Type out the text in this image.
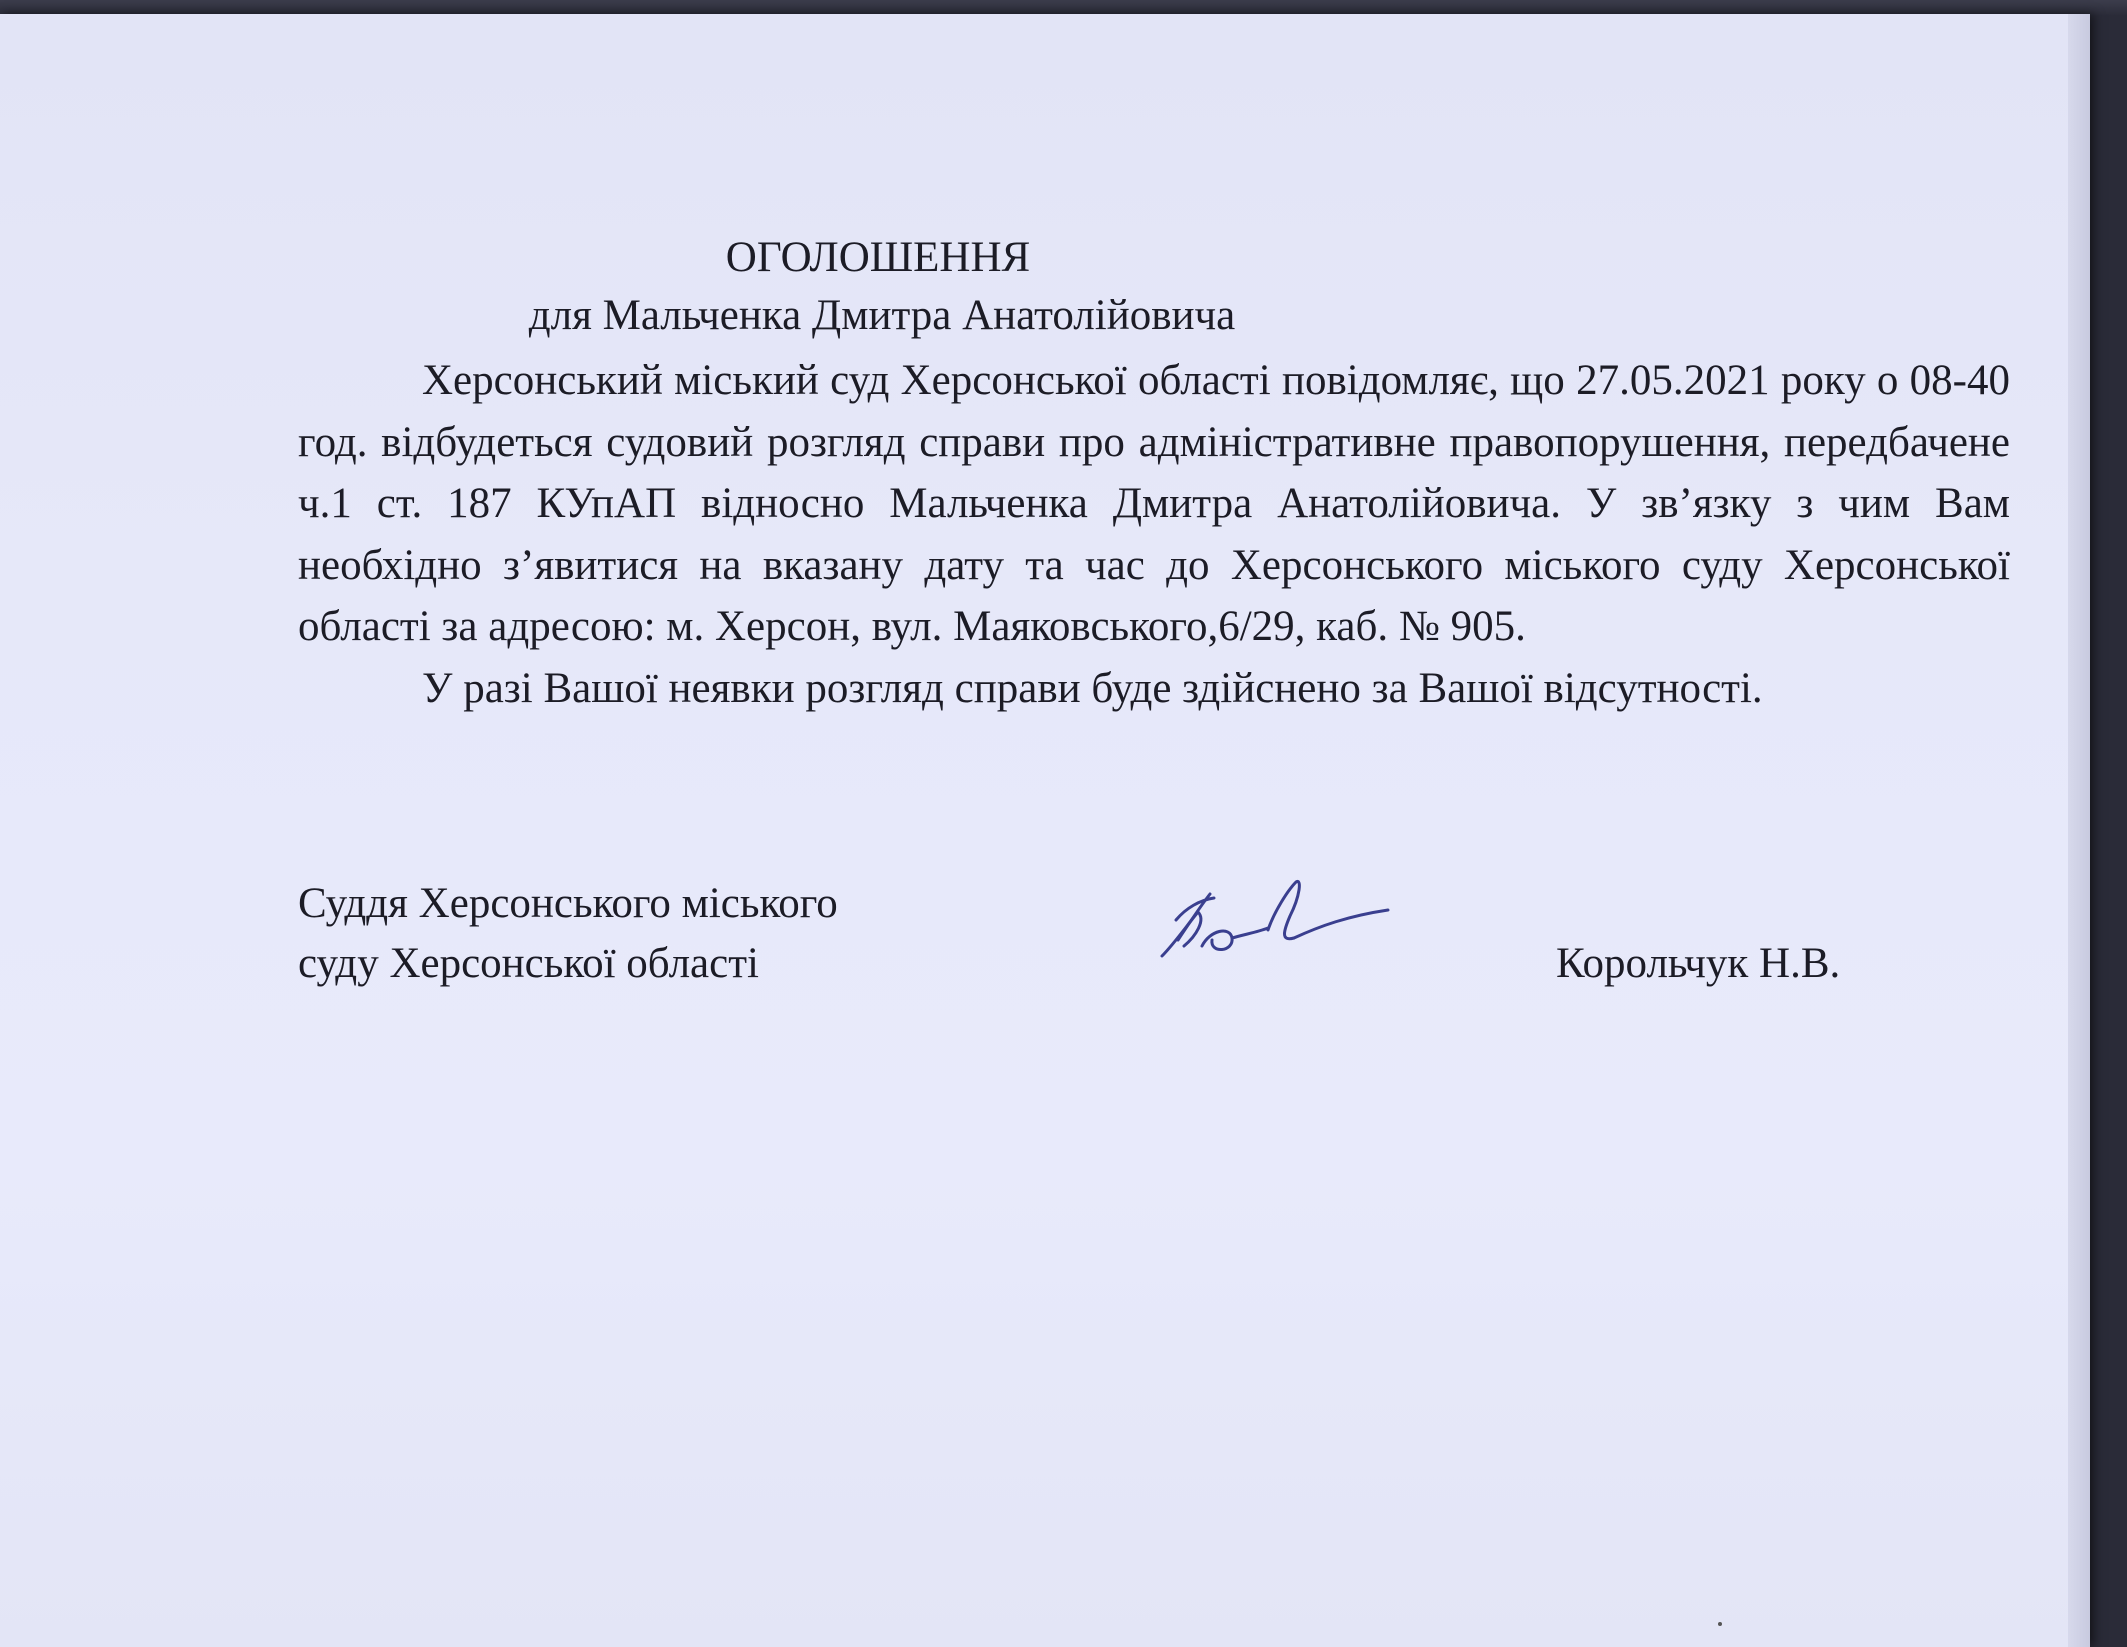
ОГОЛОШЕННЯ
для Мальченка Дмитра Анатолійовича

Херсонський міський суд Херсонської області повідомляє, що 27.05.2021 року о 08-40 год. відбудеться судовий розгляд справи про адміністративне правопорушення, передбачене ч.1 ст. 187 КУпАП відносно Мальченка Дмитра Анатолійовича. У зв’язку з чим Вам необхідно з’явитися на вказану дату та час до Херсонського міського суду Херсонської області за адресою: м. Херсон, вул. Маяковського,6/29, каб. № 905.

У разі Вашої неявки розгляд справи буде здійснено за Вашої відсутності.

Суддя Херсонського міського
суду Херсонської області	Корольчук Н.В.
